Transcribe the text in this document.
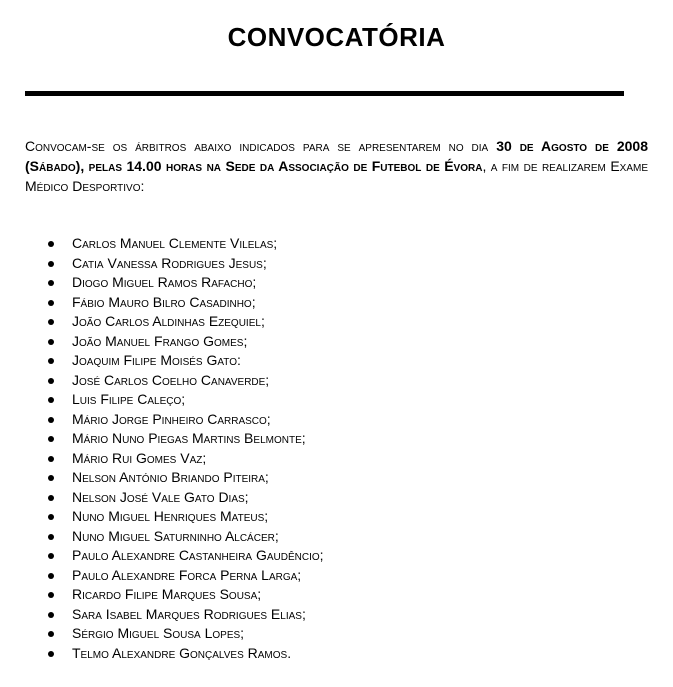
CONVOCATÓRIA
Convocam-se os árbitros abaixo indicados para se apresentarem no dia 30 de Agosto de 2008 (Sábado), pelas 14.00 horas na Sede da Associação de Futebol de Évora, a fim de realizarem Exame Médico Desportivo:
Carlos Manuel Clemente Vilelas;
Catia Vanessa Rodrigues Jesus;
Diogo Miguel Ramos Rafacho;
Fábio Mauro Bilro Casadinho;
João Carlos Aldinhas Ezequiel;
João Manuel Frango Gomes;
Joaquim Filipe Moisés Gato:
José Carlos Coelho Canaverde;
Luis Filipe Caleço;
Mário Jorge Pinheiro Carrasco;
Mário Nuno Piegas Martins Belmonte;
Mário Rui Gomes Vaz;
Nelson António Briando Piteira;
Nelson José Vale Gato Dias;
Nuno Miguel Henriques Mateus;
Nuno Miguel Saturninho Alcácer;
Paulo Alexandre Castanheira Gaudêncio;
Paulo Alexandre Forca Perna Larga;
Ricardo Filipe Marques Sousa;
Sara Isabel Marques Rodrigues Elias;
Sérgio Miguel Sousa Lopes;
Telmo Alexandre Gonçalves Ramos.
